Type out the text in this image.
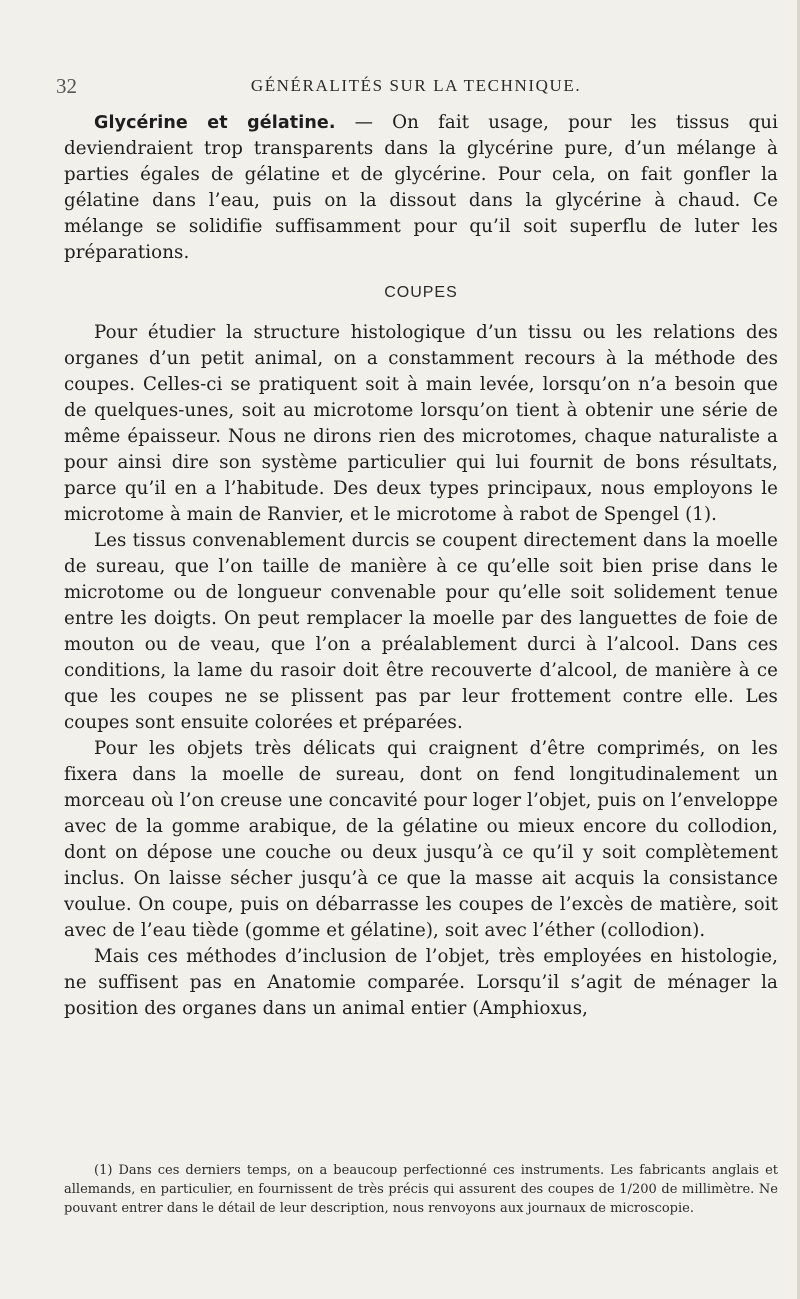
32	GÉNÉRALITÉS SUR LA TECHNIQUE.

Glycérine et gélatine. — On fait usage, pour les tissus qui deviendraient trop transparents dans la glycérine pure, d’un mélange à parties égales de gélatine et de glycérine. Pour cela, on fait gonfler la gélatine dans l’eau, puis on la dissout dans la glycérine à chaud. Ce mélange se solidifie suffisamment pour qu’il soit superflu de luter les préparations.

COUPES

Pour étudier la structure histologique d’un tissu ou les relations des organes d’un petit animal, on a constamment recours à la méthode des coupes. Celles-ci se pratiquent soit à main levée, lorsqu’on n’a besoin que de quelques-unes, soit au microtome lorsqu’on tient à obtenir une série de même épaisseur. Nous ne dirons rien des microtomes, chaque naturaliste a pour ainsi dire son système particulier qui lui fournit de bons résultats, parce qu’il en a l’habitude. Des deux types principaux, nous employons le microtome à main de Ranvier, et le microtome à rabot de Spengel (1).

Les tissus convenablement durcis se coupent directement dans la moelle de sureau, que l’on taille de manière à ce qu’elle soit bien prise dans le microtome ou de longueur convenable pour qu’elle soit solidement tenue entre les doigts. On peut remplacer la moelle par des languettes de foie de mouton ou de veau, que l’on a préalablement durci à l’alcool. Dans ces conditions, la lame du rasoir doit être recouverte d’alcool, de manière à ce que les coupes ne se plissent pas par leur frottement contre elle. Les coupes sont ensuite colorées et préparées.

Pour les objets très délicats qui craignent d’être comprimés, on les fixera dans la moelle de sureau, dont on fend longitudinalement un morceau où l’on creuse une concavité pour loger l’objet, puis on l’enveloppe avec de la gomme arabique, de la gélatine ou mieux encore du collodion, dont on dépose une couche ou deux jusqu’à ce qu’il y soit complètement inclus. On laisse sécher jusqu’à ce que la masse ait acquis la consistance voulue. On coupe, puis on débarrasse les coupes de l’excès de matière, soit avec de l’eau tiède (gomme et gélatine), soit avec l’éther (collodion).

Mais ces méthodes d’inclusion de l’objet, très employées en histologie, ne suffisent pas en Anatomie comparée. Lorsqu’il s’agit de ménager la position des organes dans un animal entier (Amphioxus,

(1) Dans ces derniers temps, on a beaucoup perfectionné ces instruments. Les fabricants anglais et allemands, en particulier, en fournissent de très précis qui assurent des coupes de 1/200 de millimètre. Ne pouvant entrer dans le détail de leur description, nous renvoyons aux journaux de microscopie.
